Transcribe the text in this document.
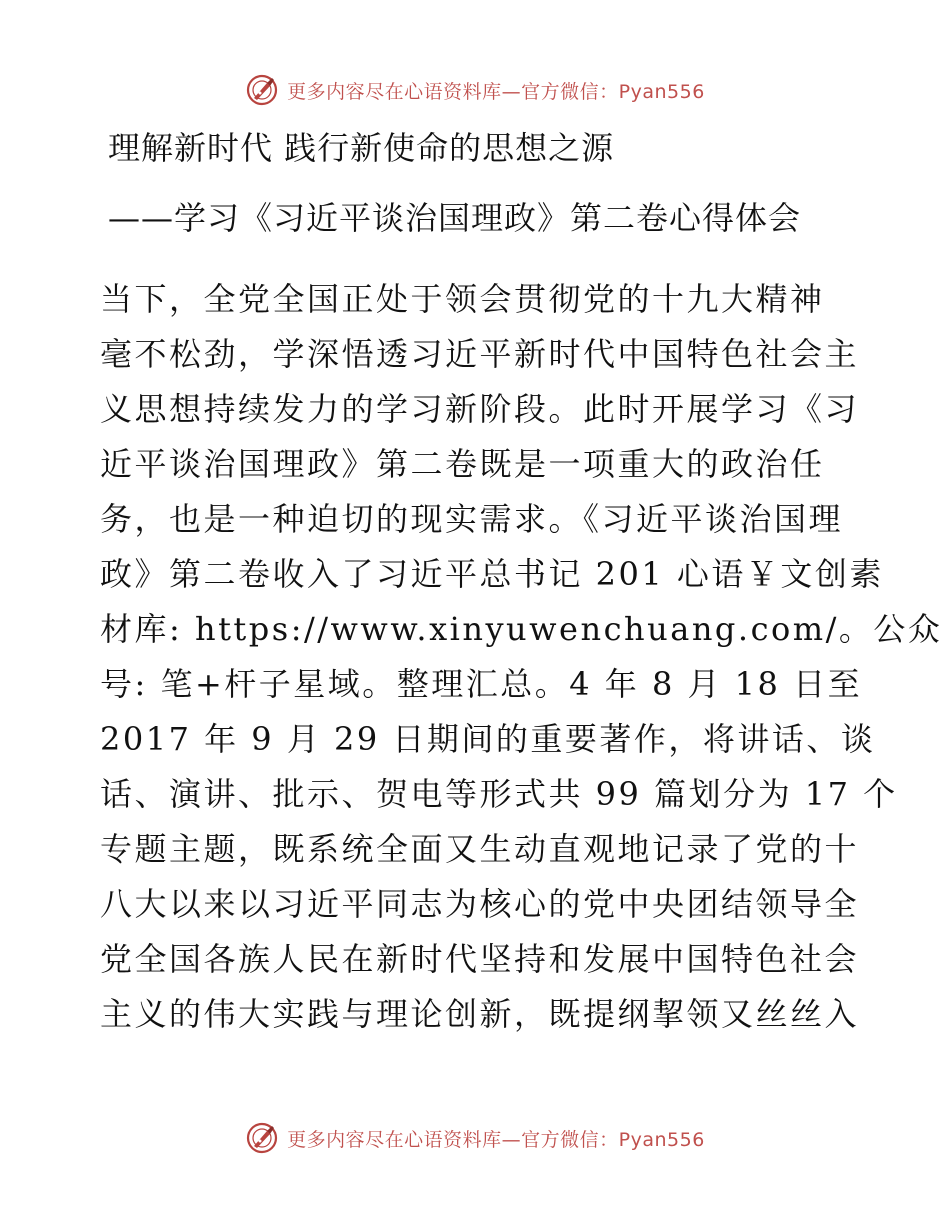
更多内容尽在心语资料库—官方微信：Pyan556
理解新时代 践行新使命的思想之源
——学习《习近平谈治国理政》第二卷心得体会

当下，全党全国正处于领会贯彻党的十九大精神

毫不松劲，学深悟透习近平新时代中国特色社会主

义思想持续发力的学习新阶段。此时开展学习《习

近平谈治国理政》第二卷既是一项重大的政治任

务，也是一种迫切的现实需求。《习近平谈治国理

政》第二卷收入了习近平总书记 201 心语￥文创素

材库: https://www.xinyuwenchuang.com/。公众

号: 笔+杆子星域。整理汇总。4 年 8 月 18 日至

2017 年 9 月 29 日期间的重要著作，将讲话、谈

话、演讲、批示、贺电等形式共 99 篇划分为 17 个

专题主题，既系统全面又生动直观地记录了党的十

八大以来以习近平同志为核心的党中央团结领导全

党全国各族人民在新时代坚持和发展中国特色社会

主义的伟大实践与理论创新，既提纲挈领又丝丝入

更多内容尽在心语资料库—官方微信：Pyan556
